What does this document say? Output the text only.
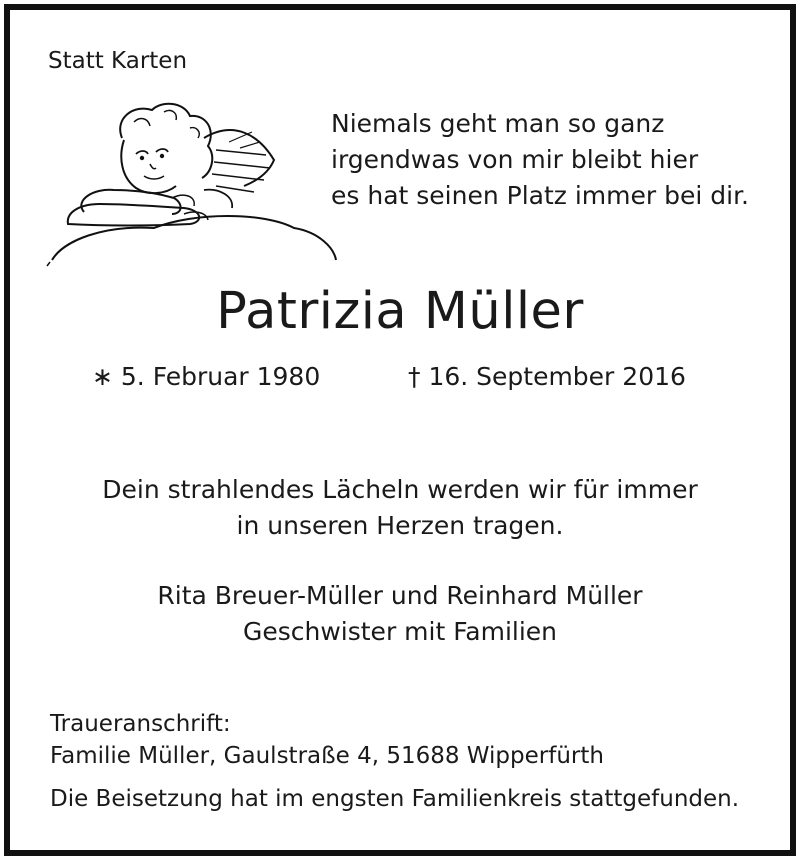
Statt Karten
Niemals geht man so ganz
irgendwas von mir bleibt hier
es hat seinen Platz immer bei dir.
Patrizia Müller
∗ 5. Februar 1980	† 16. September 2016
Dein strahlendes Lächeln werden wir für immer
in unseren Herzen tragen.
Rita Breuer-Müller und Reinhard Müller
Geschwister mit Familien
Traueranschrift:
Familie Müller, Gaulstraße 4, 51688 Wipperfürth
Die Beisetzung hat im engsten Familienkreis stattgefunden.
